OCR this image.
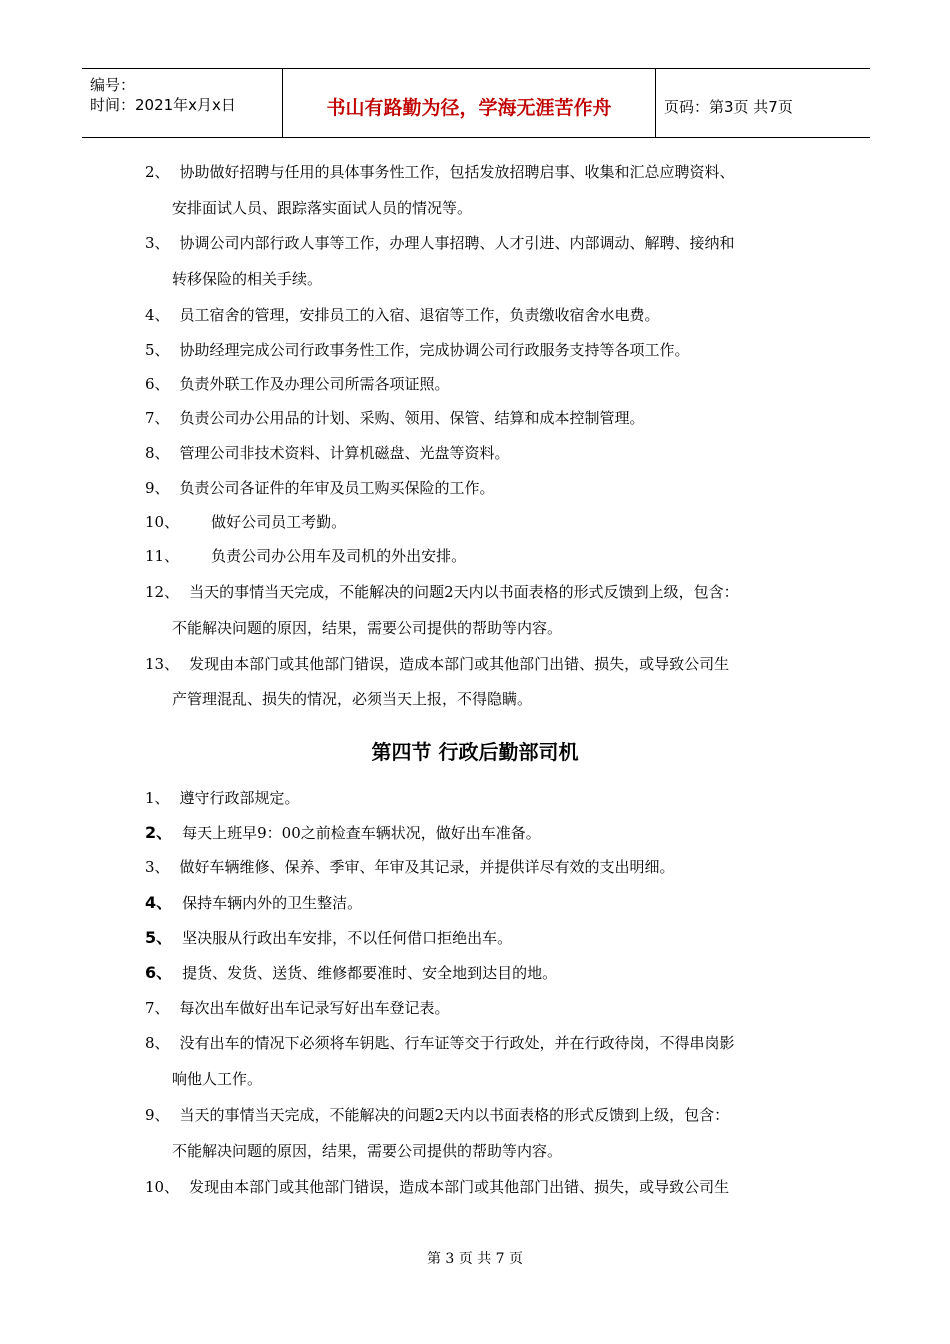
编号：
时间：2021年x月x日	书山有路勤为径，学海无涯苦作舟	页码：第3页 共7页
2、 协助做好招聘与任用的具体事务性工作，包括发放招聘启事、收集和汇总应聘资料、
安排面试人员、跟踪落实面试人员的情况等。
3、 协调公司内部行政人事等工作，办理人事招聘、人才引进、内部调动、解聘、接纳和
转移保险的相关手续。
4、 员工宿舍的管理，安排员工的入宿、退宿等工作，负责缴收宿舍水电费。
5、 协助经理完成公司行政事务性工作，完成协调公司行政服务支持等各项工作。
6、 负责外联工作及办理公司所需各项证照。
7、 负责公司办公用品的计划、采购、领用、保管、结算和成本控制管理。
8、 管理公司非技术资料、计算机磁盘、光盘等资料。
9、 负责公司各证件的年审及员工购买保险的工作。
10、 做好公司员工考勤。
11、 负责公司办公用车及司机的外出安排。
12、 当天的事情当天完成，不能解决的问题2天内以书面表格的形式反馈到上级，包含：
不能解决问题的原因，结果，需要公司提供的帮助等内容。
13、 发现由本部门或其他部门错误，造成本部门或其他部门出错、损失，或导致公司生
产管理混乱、损失的情况，必须当天上报，不得隐瞒。
第四节 行政后勤部司机
1、 遵守行政部规定。
2、 每天上班早9：00之前检查车辆状况，做好出车准备。
3、 做好车辆维修、保养、季审、年审及其记录，并提供详尽有效的支出明细。
4、 保持车辆内外的卫生整洁。
5、 坚决服从行政出车安排，不以任何借口拒绝出车。
6、 提货、发货、送货、维修都要准时、安全地到达目的地。
7、 每次出车做好出车记录写好出车登记表。
8、 没有出车的情况下必须将车钥匙、行车证等交于行政处，并在行政待岗，不得串岗影
响他人工作。
9、 当天的事情当天完成，不能解决的问题2天内以书面表格的形式反馈到上级，包含：
不能解决问题的原因，结果，需要公司提供的帮助等内容。
10、 发现由本部门或其他部门错误，造成本部门或其他部门出错、损失，或导致公司生
第 3 页 共 7 页
